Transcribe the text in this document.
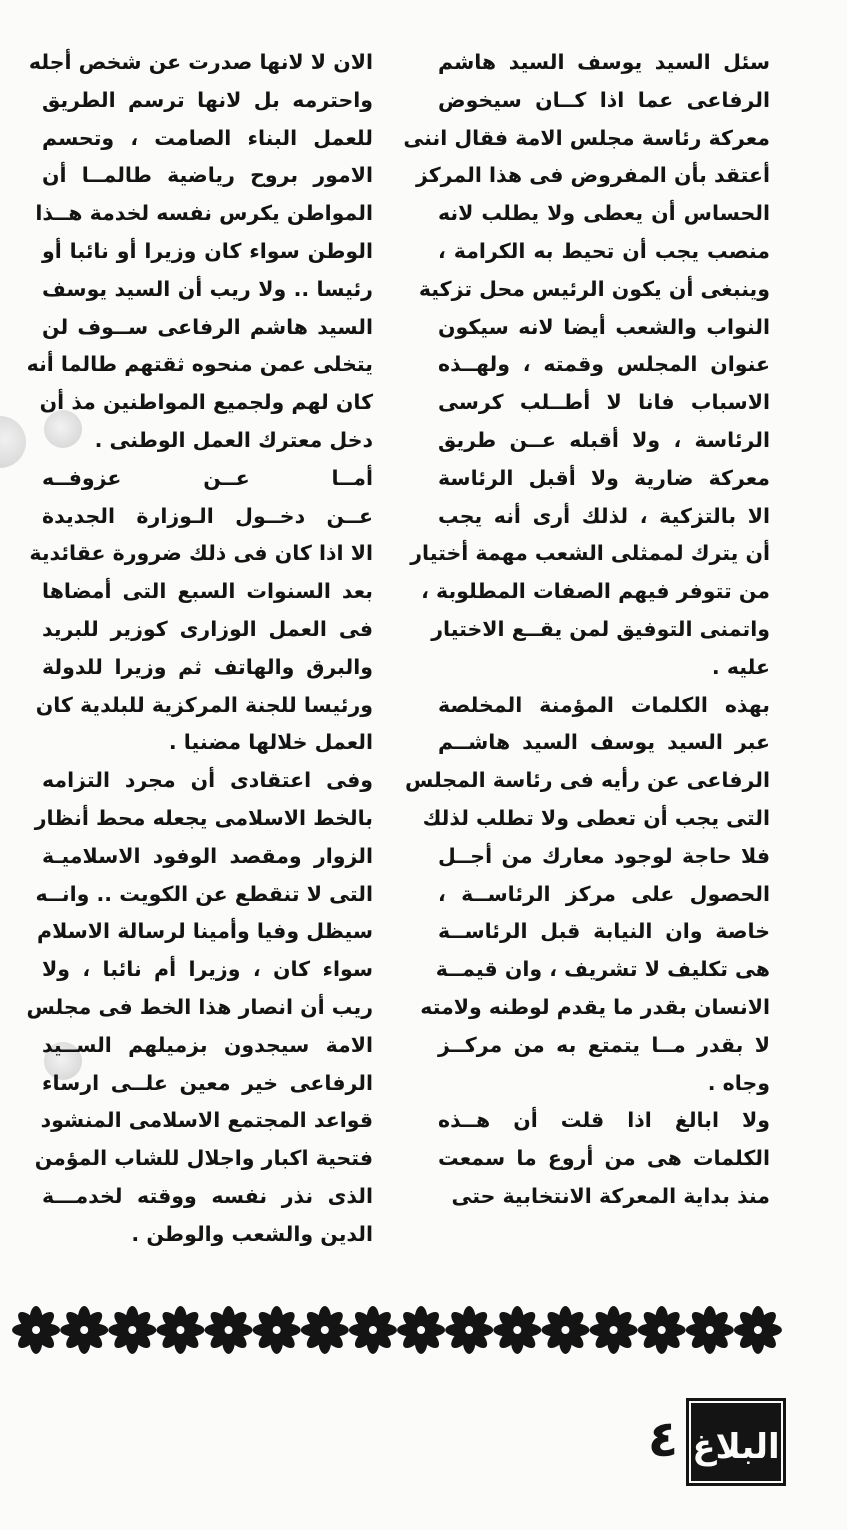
سئل السيد يوسف السيد هاشم
الرفاعى عما اذا كــان سيخوض
معركة رئاسة مجلس الامة فقال اننى
أعتقد بأن المفروض فى هذا المركز
الحساس أن يعطى ولا يطلب لانه
منصب يجب أن تحيط به الكرامة ،
وينبغى أن يكون الرئيس محل تزكية
النواب والشعب أيضا لانه سيكون
عنوان المجلس وقمته ، ولهــذه
الاسباب فانا لا أطــلب كرسى
الرئاسة ، ولا أقبله عــن طريق
معركة ضارية ولا أقبل الرئاسة
الا بالتزكية ، لذلك أرى أنه يجب
أن يترك لممثلى الشعب مهمة أختيار
من تتوفر فيهم الصفات المطلوبة ،
واتمنى التوفيق لمن يقــع الاختيار
عليه .
بهذه الكلمات المؤمنة المخلصة
عبر السيد يوسف السيد هاشــم
الرفاعى عن رأيه فى رئاسة المجلس
التى يجب أن تعطى ولا تطلب لذلك
فلا حاجة لوجود معارك من أجــل
الحصول على مركز الرئاســة ،
خاصة وان النيابة قبل الرئاســة
هى تكليف لا تشريف ، وان قيمــة
الانسان بقدر ما يقدم لوطنه ولامته
لا بقدر مــا يتمتع به من مركــز
وجاه .
ولا ابالغ اذا قلت أن هــذه
الكلمات هى من أروع ما سمعت
منذ بداية المعركة الانتخابية حتى
الان لا لانها صدرت عن شخص أجله
واحترمه بل لانها ترسم الطريق
للعمل البناء الصامت ، وتحسم
الامور بروح رياضية طالمــا أن
المواطن يكرس نفسه لخدمة هــذا
الوطن سواء كان وزيرا أو نائبا أو
رئيسا .. ولا ريب أن السيد يوسف
السيد هاشم الرفاعى ســوف لن
يتخلى عمن منحوه ثقتهم طالما أنه
كان لهم ولجميع المواطنين مذ أن
دخل معترك العمل الوطنى .
أمــا عــن عزوفــه
عــن دخــول الـوزارة الجديدة
الا اذا كان فى ذلك ضرورة عقائدية
بعد السنوات السبع التى أمضاها
فى العمل الوزارى كوزير للبريد
والبرق والهاتف ثم وزيرا للدولة
ورئيسا للجنة المركزية للبلدية كان
العمل خلالها مضنيا .
وفى اعتقادى أن مجرد التزامه
بالخط الاسلامى يجعله محط أنظار
الزوار ومقصد الوفود الاسلاميـة
التى لا تنقطع عن الكويت .. وانــه
سيظل وفيا وأمينا لرسالة الاسلام
سواء كان ، وزيرا أم نائبا ، ولا
ريب أن انصار هذا الخط فى مجلس
الامة سيجدون بزميلهم الســيد
الرفاعى خير معين علــى ارساء
قواعد المجتمع الاسلامى المنشود
فتحية اكبار واجلال للشاب المؤمن
الذى نذر نفسه ووقته لخدمـــة
الدين والشعب والوطن .
٤ البلاغ
